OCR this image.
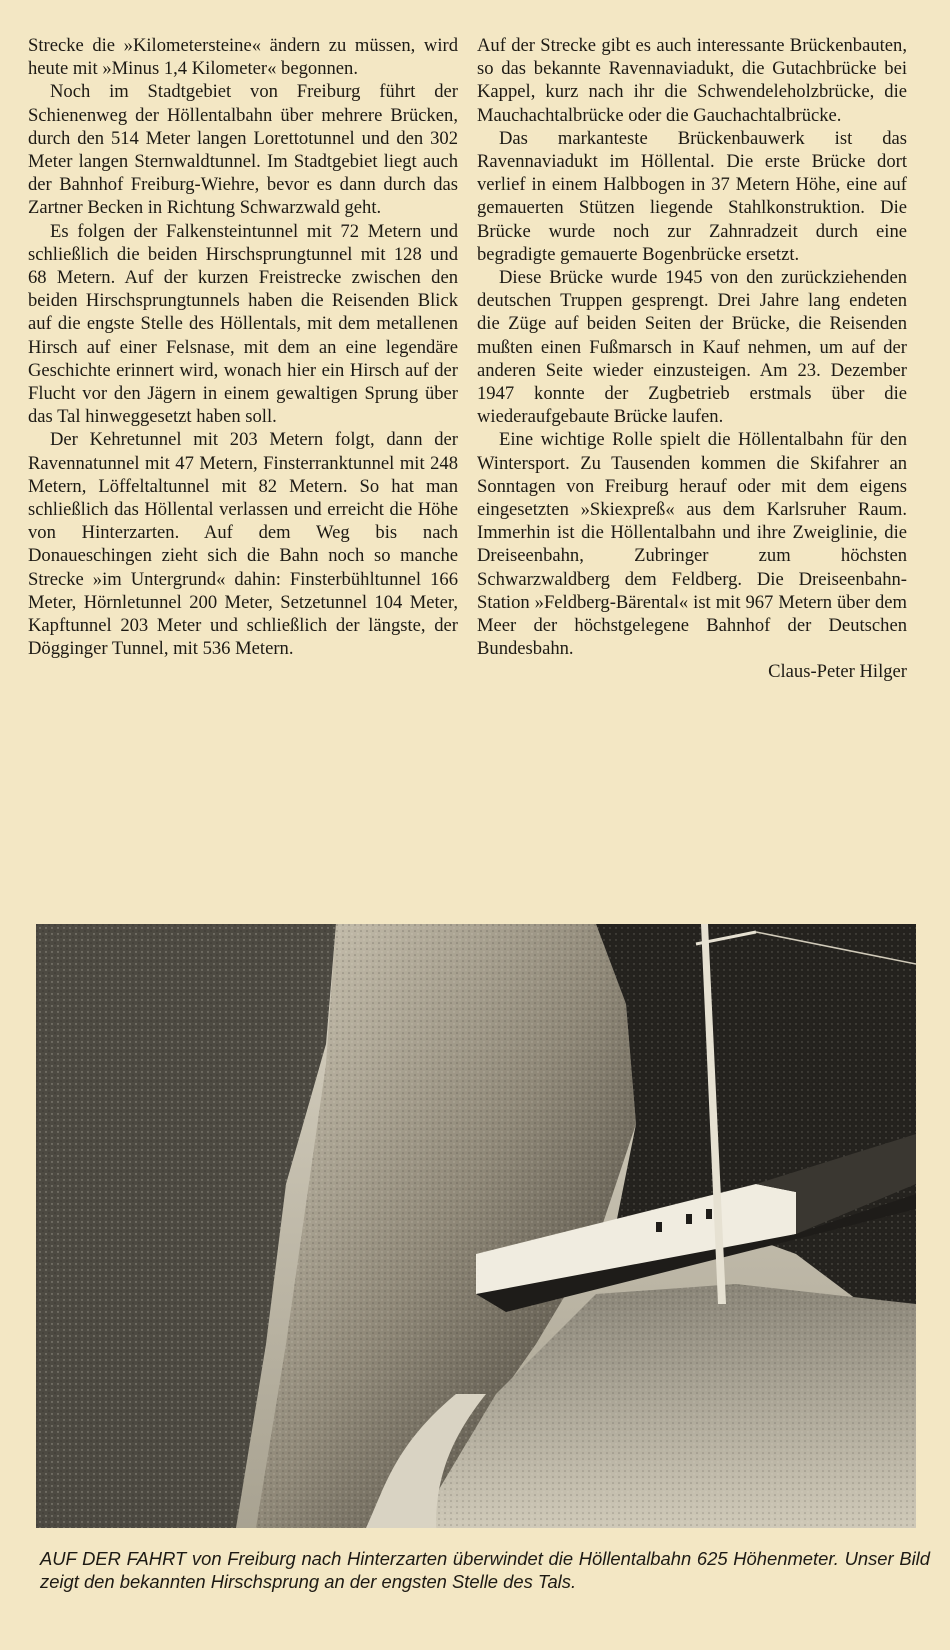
Strecke die »Kilometersteine« ändern zu müssen, wird heute mit »Minus 1,4 Kilometer« begonnen.

Noch im Stadtgebiet von Freiburg führt der Schienenweg der Höllentalbahn über mehrere Brücken, durch den 514 Meter langen Lorettotunnel und den 302 Meter langen Sternwaldtunnel. Im Stadtgebiet liegt auch der Bahnhof Freiburg-Wiehre, bevor es dann durch das Zartner Becken in Richtung Schwarzwald geht.

Es folgen der Falkensteintunnel mit 72 Metern und schließlich die beiden Hirschsprungtunnel mit 128 und 68 Metern. Auf der kurzen Freistrecke zwischen den beiden Hirschsprungtunnels haben die Reisenden Blick auf die engste Stelle des Höllentals, mit dem metallenen Hirsch auf einer Felsnase, mit dem an eine legendäre Geschichte erinnert wird, wonach hier ein Hirsch auf der Flucht vor den Jägern in einem gewaltigen Sprung über das Tal hinweggesetzt haben soll.

Der Kehretunnel mit 203 Metern folgt, dann der Ravennatunnel mit 47 Metern, Finsterranktunnel mit 248 Metern, Löffeltaltunnel mit 82 Metern. So hat man schließlich das Höllental verlassen und erreicht die Höhe von Hinterzarten. Auf dem Weg bis nach Donaueschingen zieht sich die Bahn noch so manche Strecke »im Untergrund« dahin: Finsterbühltunnel 166 Meter, Hörnletunnel 200 Meter, Setzetunnel 104 Meter, Kapftunnel 203 Meter und schließlich der längste, der Dögginger Tunnel, mit 536 Metern.

Auf der Strecke gibt es auch interessante Brückenbauten, so das bekannte Ravennaviadukt, die Gutachbrücke bei Kappel, kurz nach ihr die Schwendeleholzbrücke, die Mauchachtalbrücke oder die Gauchachtalbrücke.

Das markanteste Brückenbauwerk ist das Ravennaviadukt im Höllental. Die erste Brücke dort verlief in einem Halbbogen in 37 Metern Höhe, eine auf gemauerten Stützen liegende Stahlkonstruktion. Die Brücke wurde noch zur Zahnradzeit durch eine begradigte gemauerte Bogenbrücke ersetzt.

Diese Brücke wurde 1945 von den zurückziehenden deutschen Truppen gesprengt. Drei Jahre lang endeten die Züge auf beiden Seiten der Brücke, die Reisenden mußten einen Fußmarsch in Kauf nehmen, um auf der anderen Seite wieder einzusteigen. Am 23. Dezember 1947 konnte der Zugbetrieb erstmals über die wiederaufgebaute Brücke laufen.

Eine wichtige Rolle spielt die Höllentalbahn für den Wintersport. Zu Tausenden kommen die Skifahrer an Sonntagen von Freiburg herauf oder mit dem eigens eingesetzten »Skiexpreß« aus dem Karlsruher Raum. Immerhin ist die Höllentalbahn und ihre Zweiglinie, die Dreiseenbahn, Zubringer zum höchsten Schwarzwaldberg dem Feldberg. Die Dreiseenbahn-Station »Feldberg-Bärental« ist mit 967 Metern über dem Meer der höchstgelegene Bahnhof der Deutschen Bundesbahn.

Claus-Peter Hilger

AUF DER FAHRT von Freiburg nach Hinterzarten überwindet die Höllentalbahn 625 Höhenmeter. Unser Bild zeigt den bekannten Hirschsprung an der engsten Stelle des Tals.
